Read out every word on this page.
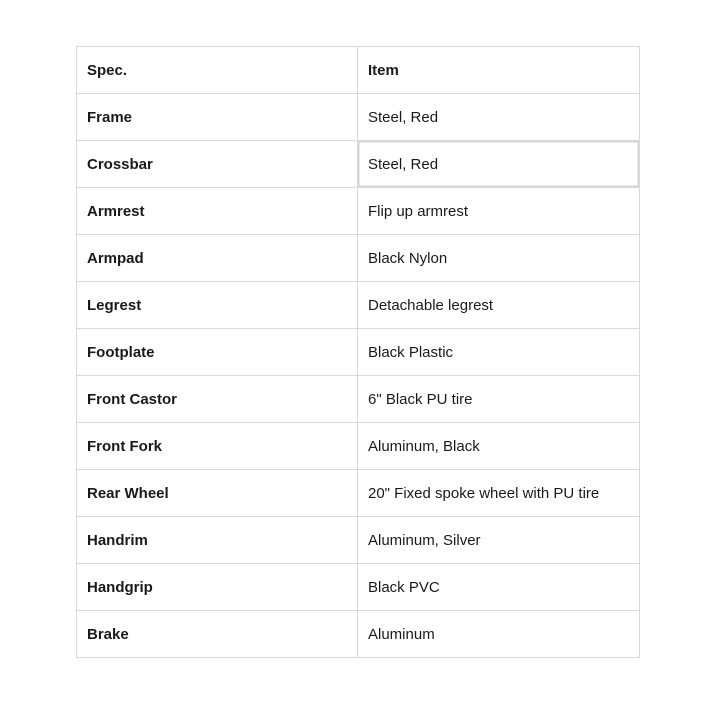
Spec.	Item
Frame	Steel, Red
Crossbar	Steel, Red
Armrest	Flip up armrest
Armpad	Black Nylon
Legrest	Detachable legrest
Footplate	Black Plastic
Front Castor	6" Black PU tire
Front Fork	Aluminum, Black
Rear Wheel	20" Fixed spoke wheel with PU tire
Handrim	Aluminum, Silver
Handgrip	Black PVC
Brake	Aluminum
